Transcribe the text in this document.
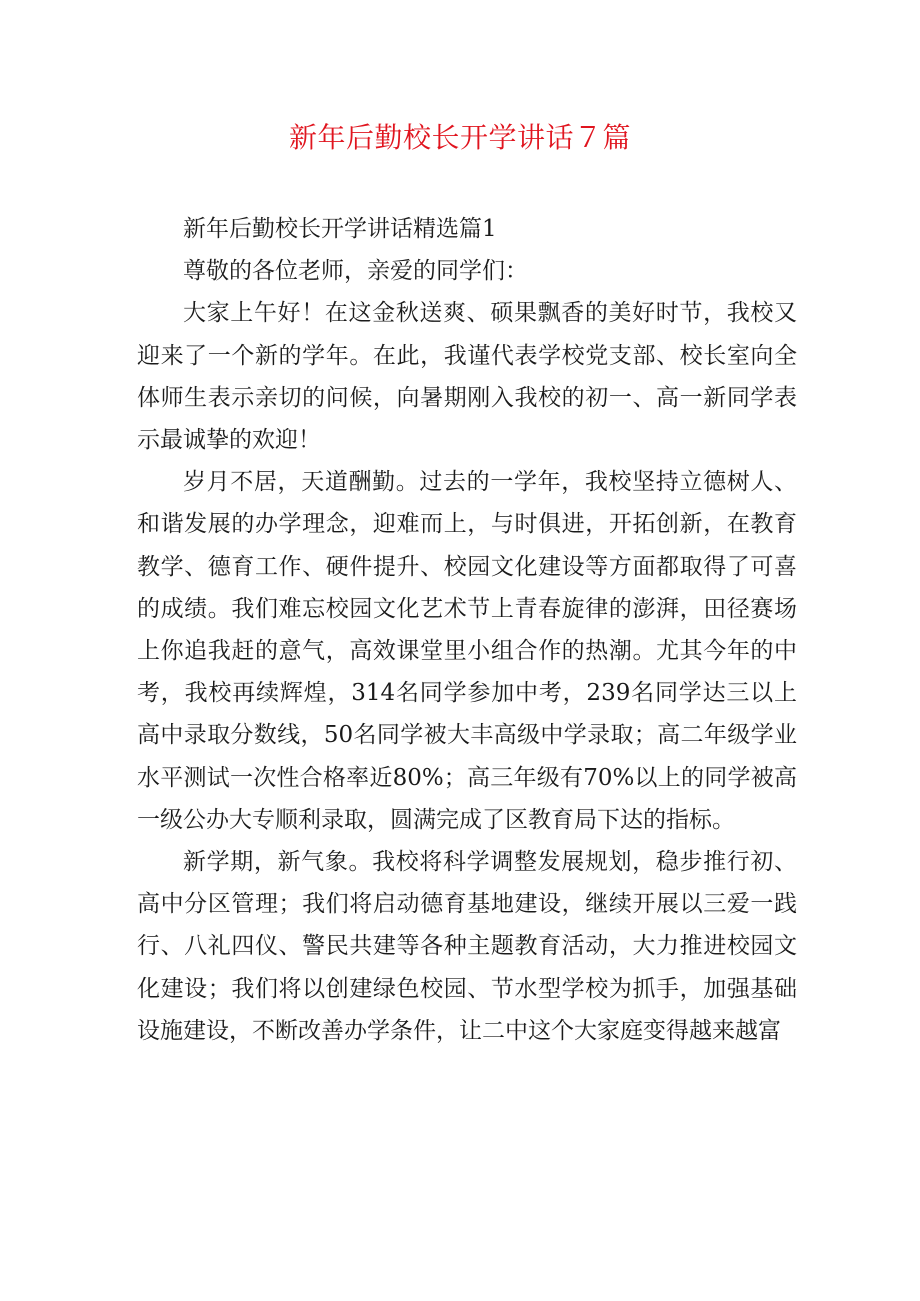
新年后勤校长开学讲话７篇

新年后勤校长开学讲话精选篇1

尊敬的各位老师，亲爱的同学们：

大家上午好！在这金秋送爽、硕果飘香的美好时节，我校又迎来了一个新的学年。在此，我谨代表学校党支部、校长室向全体师生表示亲切的问候，向暑期刚入我校的初一、高一新同学表示最诚挚的欢迎！

岁月不居，天道酬勤。过去的一学年，我校坚持立德树人、和谐发展的办学理念，迎难而上，与时俱进，开拓创新，在教育教学、德育工作、硬件提升、校园文化建设等方面都取得了可喜的成绩。我们难忘校园文化艺术节上青春旋律的澎湃，田径赛场上你追我赶的意气，高效课堂里小组合作的热潮。尤其今年的中考，我校再续辉煌，314名同学参加中考，239名同学达三以上高中录取分数线，50名同学被大丰高级中学录取；高二年级学业水平测试一次性合格率近80%；高三年级有70%以上的同学被高一级公办大专顺利录取，圆满完成了区教育局下达的指标。

新学期，新气象。我校将科学调整发展规划，稳步推行初、高中分区管理；我们将启动德育基地建设，继续开展以三爱一践行、八礼四仪、警民共建等各种主题教育活动，大力推进校园文化建设；我们将以创建绿色校园、节水型学校为抓手，加强基础设施建设，不断改善办学条件，让二中这个大家庭变得越来越富
